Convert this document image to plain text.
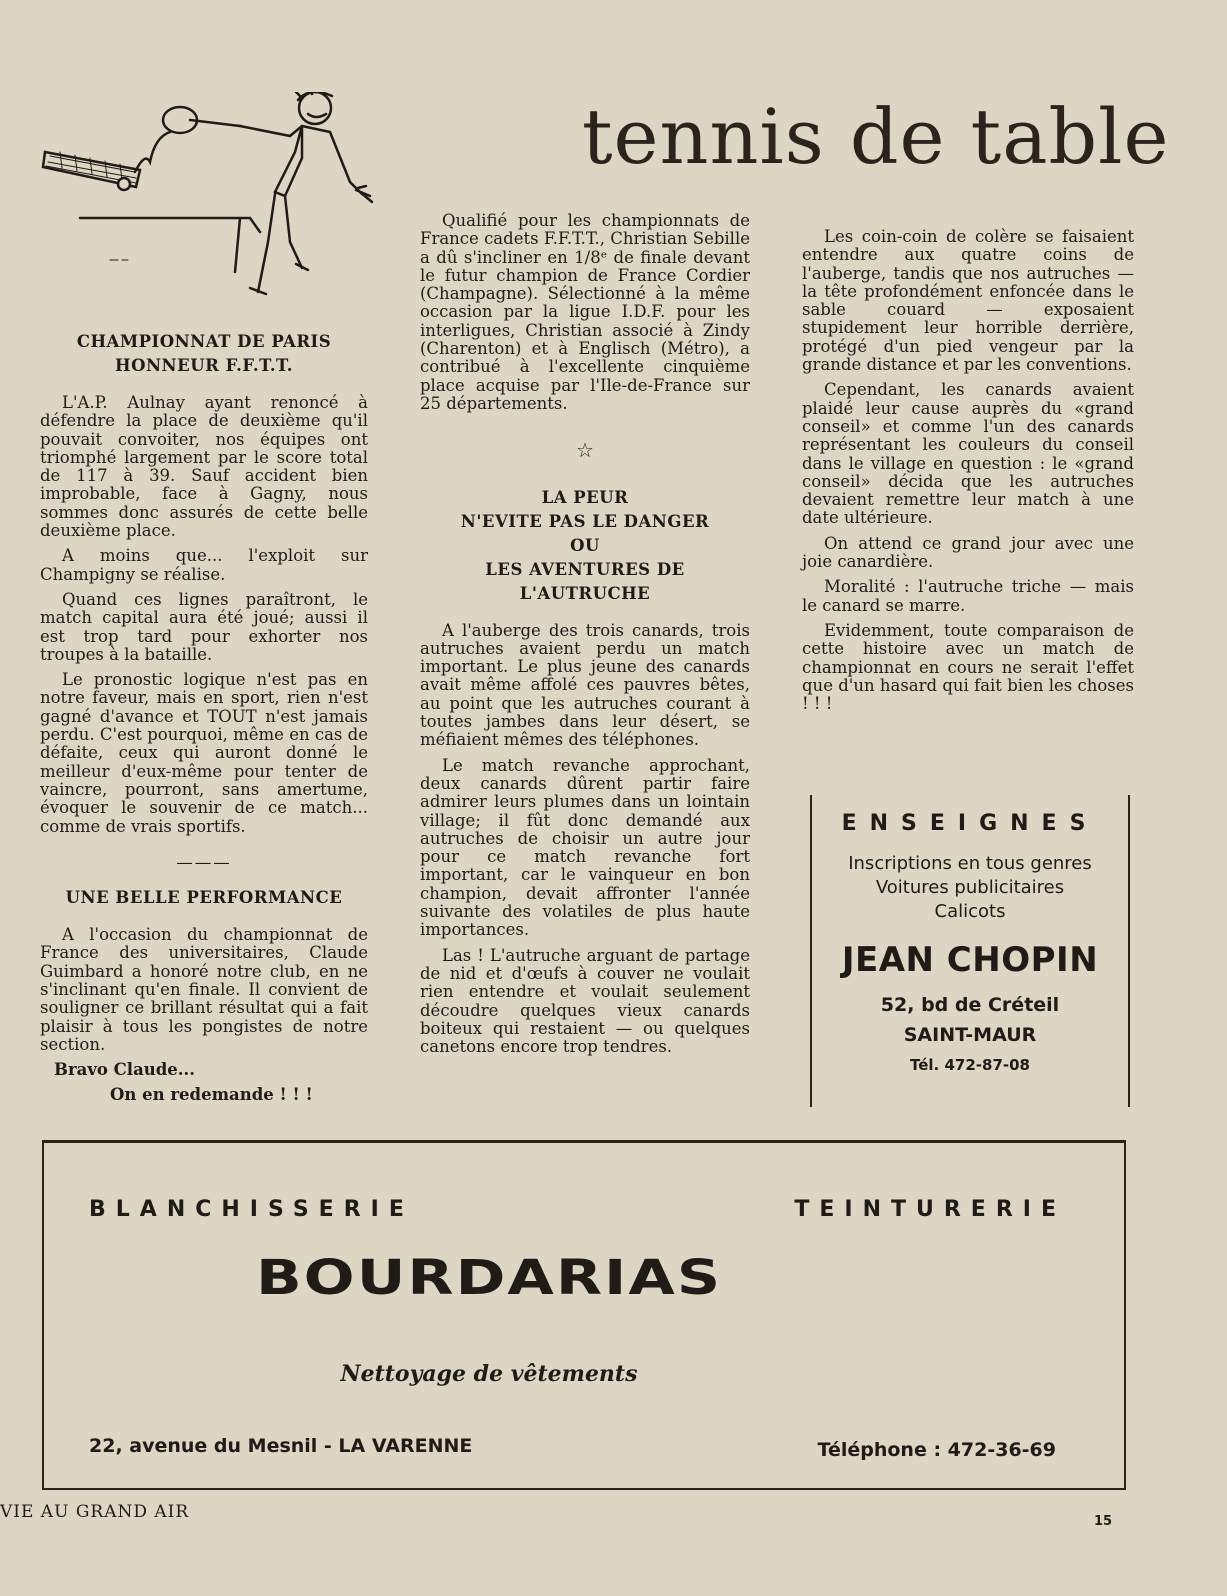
tennis de table
CHAMPIONNAT DE PARIS HONNEUR F.F.T.T.

L'A.P. Aulnay ayant renoncé à défendre la place de deuxième qu'il pouvait convoiter, nos équipes ont triomphé largement par le score total de 117 à 39. Sauf accident bien improbable, face à Gagny, nous sommes donc assurés de cette belle deuxième place.

A moins que... l'exploit sur Champigny se réalise.

Quand ces lignes paraîtront, le match capital aura été joué; aussi il est trop tard pour exhorter nos troupes à la bataille.

Le pronostic logique n'est pas en notre faveur, mais en sport, rien n'est gagné d'avance et TOUT n'est jamais perdu. C'est pourquoi, même en cas de défaite, ceux qui auront donné le meilleur d'eux-même pour tenter de vaincre, pourront, sans amertume, évoquer le souvenir de ce match... comme de vrais sportifs.

———
UNE BELLE PERFORMANCE

A l'occasion du championnat de France des universitaires, Claude Guimbard a honoré notre club, en ne s'inclinant qu'en finale. Il convient de souligner ce brillant résultat qui a fait plaisir à tous les pongistes de notre section.

Bravo Claude...
On en redemande ! ! !

Qualifié pour les championnats de France cadets F.F.T.T., Christian Sebille a dû s'incliner en 1/8ᵉ de finale devant le futur champion de France Cordier (Champagne). Sélectionné à la même occasion par la ligue I.D.F. pour les interligues, Christian associé à Zindy (Charenton) et à Englisch (Métro), a contribué à l'excellente cinquième place acquise par l'Ile-de-France sur 25 départements.

☆
LA PEUR
N'EVITE PAS LE DANGER
OU
LES AVENTURES DE L'AUTRUCHE

A l'auberge des trois canards, trois autruches avaient perdu un match important. Le plus jeune des canards avait même affolé ces pauvres bêtes, au point que les autruches courant à toutes jambes dans leur désert, se méfiaient mêmes des téléphones.

Le match revanche approchant, deux canards dûrent partir faire admirer leurs plumes dans un lointain village; il fût donc demandé aux autruches de choisir un autre jour pour ce match revanche fort important, car le vainqueur en bon champion, devait affronter l'année suivante des volatiles de plus haute importances.

Las ! L'autruche arguant de partage de nid et d'œufs à couver ne voulait rien entendre et voulait seulement découdre quelques vieux canards boiteux qui restaient — ou quelques canetons encore trop tendres.

Les coin-coin de colère se faisaient entendre aux quatre coins de l'auberge, tandis que nos autruches — la tête profondément enfoncée dans le sable couard — exposaient stupidement leur horrible derrière, protégé d'un pied vengeur par la grande distance et par les conventions.

Cependant, les canards avaient plaidé leur cause auprès du «grand conseil» et comme l'un des canards représentant les couleurs du conseil dans le village en question : le «grand conseil» décida que les autruches devaient remettre leur match à une date ultérieure.

On attend ce grand jour avec une joie canardière.

Moralité : l'autruche triche — mais le canard se marre.

Evidemment, toute comparaison de cette histoire avec un match de championnat en cours ne serait l'effet que d'un hasard qui fait bien les choses ! ! !

ENSEIGNES
Inscriptions en tous genres
Voitures publicitaires
Calicots
JEAN CHOPIN
52, bd de Créteil
SAINT-MAUR
Tél. 472-87-08
BLANCHISSERIE	TEINTURERIE
BOURDARIAS
Nettoyage de vêtements
22, avenue du Mesnil - LA VARENNE	Téléphone : 472-36-69
VIE AU GRAND AIR	15
